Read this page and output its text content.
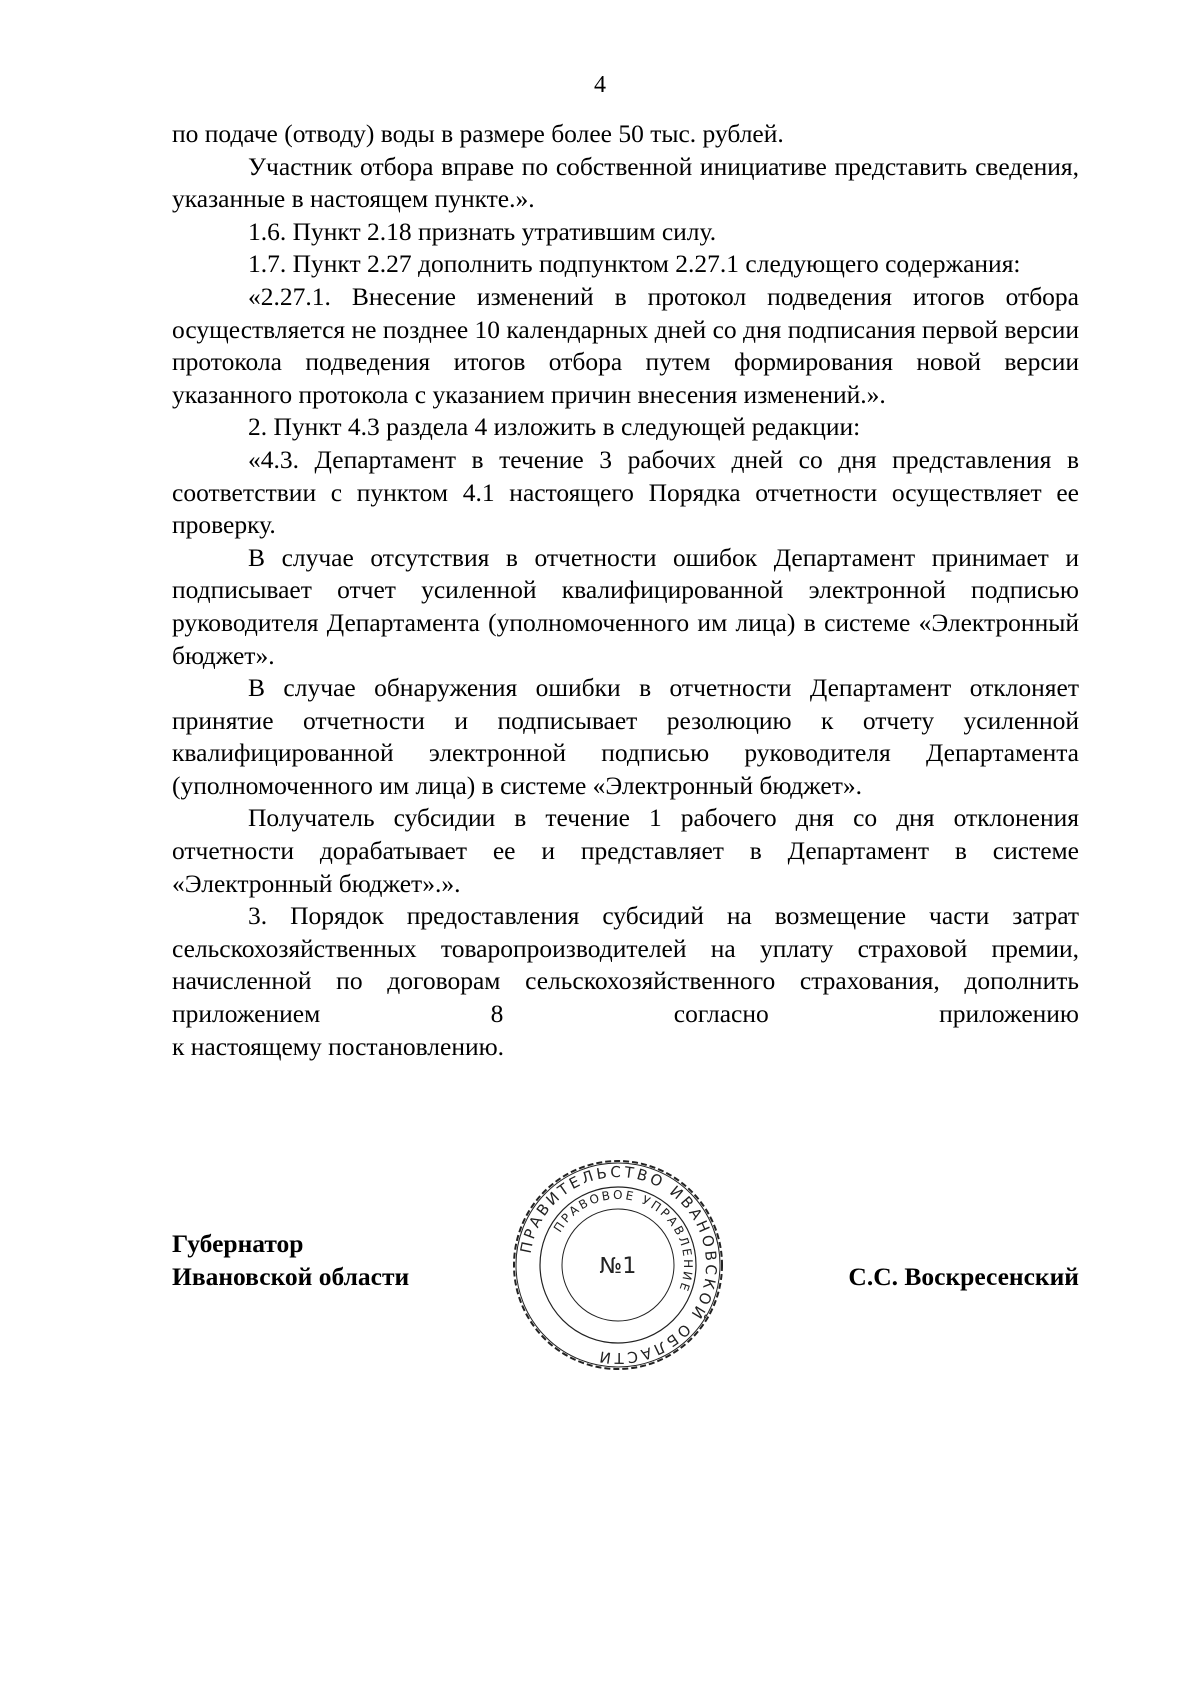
4

по подаче (отводу) воды в размере более 50 тыс. рублей.

Участник отбора вправе по собственной инициативе представить сведения, указанные в настоящем пункте.».

1.6. Пункт 2.18 признать утратившим силу.

1.7. Пункт 2.27 дополнить подпунктом 2.27.1 следующего содержания:

«2.27.1. Внесение изменений в протокол подведения итогов отбора осуществляется не позднее 10 календарных дней со дня подписания первой версии протокола подведения итогов отбора путем формирования новой версии указанного протокола с указанием причин внесения изменений.».

2. Пункт 4.3 раздела 4 изложить в следующей редакции:

«4.3. Департамент в течение 3 рабочих дней со дня представления в соответствии с пунктом 4.1 настоящего Порядка отчетности осуществляет ее проверку.

В случае отсутствия в отчетности ошибок Департамент принимает и подписывает отчет усиленной квалифицированной электронной подписью руководителя Департамента (уполномоченного им лица) в системе «Электронный бюджет».

В случае обнаружения ошибки в отчетности Департамент отклоняет принятие отчетности и подписывает резолюцию к отчету усиленной квалифицированной электронной подписью руководителя Департамента (уполномоченного им лица) в системе «Электронный бюджет».

Получатель субсидии в течение 1 рабочего дня со дня отклонения отчетности дорабатывает ее и представляет в Департамент в системе «Электронный бюджет».».

3. Порядок предоставления субсидий на возмещение части затрат сельскохозяйственных товаропроизводителей на уплату страховой премии, начисленной по договорам сельскохозяйственного страхования, дополнить приложением 8 согласно приложению

к настоящему постановлению.

Губернатор
Ивановской области
ПРАВИТЕЛЬСТВО ИВАНОВСКОЙ ОБЛАСТИ
ПРАВОВОЕ УПРАВЛЕНИЕ
№1	С.С. Воскресенский
